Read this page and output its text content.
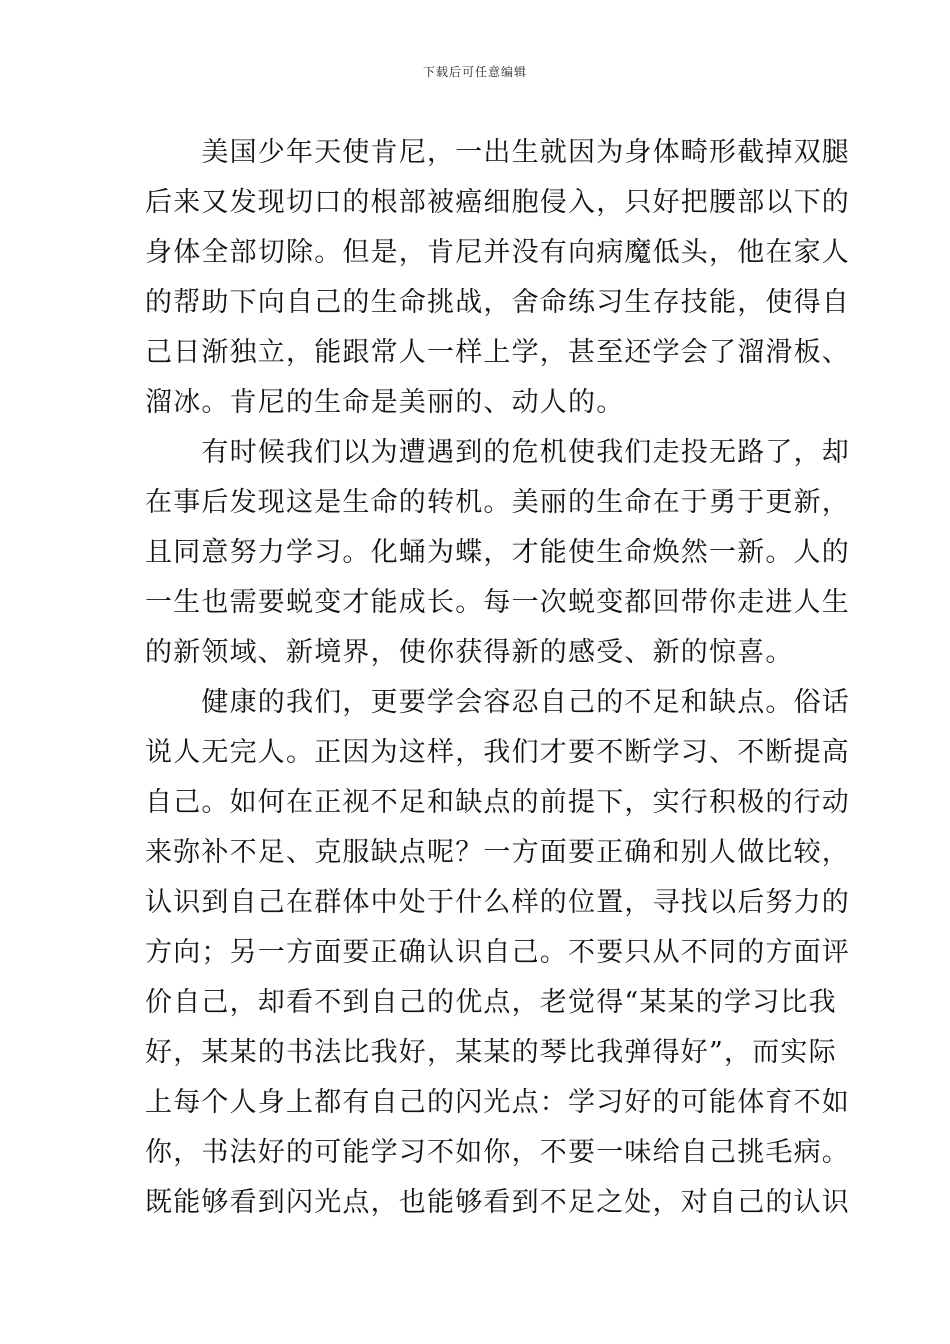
下载后可任意编辑
　　美国少年天使肯尼，一出生就因为身体畸形截掉双腿
后来又发现切口的根部被癌细胞侵入，只好把腰部以下的
身体全部切除。但是，肯尼并没有向病魔低头，他在家人
的帮助下向自己的生命挑战，舍命练习生存技能，使得自
己日渐独立，能跟常人一样上学，甚至还学会了溜滑板、
溜冰。肯尼的生命是美丽的、动人的。
　　有时候我们以为遭遇到的危机使我们走投无路了，却
在事后发现这是生命的转机。美丽的生命在于勇于更新，
且同意努力学习。化蛹为蝶，才能使生命焕然一新。人的
一生也需要蜕变才能成长。每一次蜕变都回带你走进人生
的新领域、新境界，使你获得新的感受、新的惊喜。
　　健康的我们，更要学会容忍自己的不足和缺点。俗话
说人无完人。正因为这样，我们才要不断学习、不断提高
自己。如何在正视不足和缺点的前提下，实行积极的行动
来弥补不足、克服缺点呢？一方面要正确和别人做比较，
认识到自己在群体中处于什么样的位置，寻找以后努力的
方向；另一方面要正确认识自己。不要只从不同的方面评
价自己，却看不到自己的优点，老觉得“某某的学习比我
好，某某的书法比我好，某某的琴比我弹得好”，而实际
上每个人身上都有自己的闪光点：学习好的可能体育不如
你，书法好的可能学习不如你，不要一味给自己挑毛病。
既能够看到闪光点，也能够看到不足之处，对自己的认识
